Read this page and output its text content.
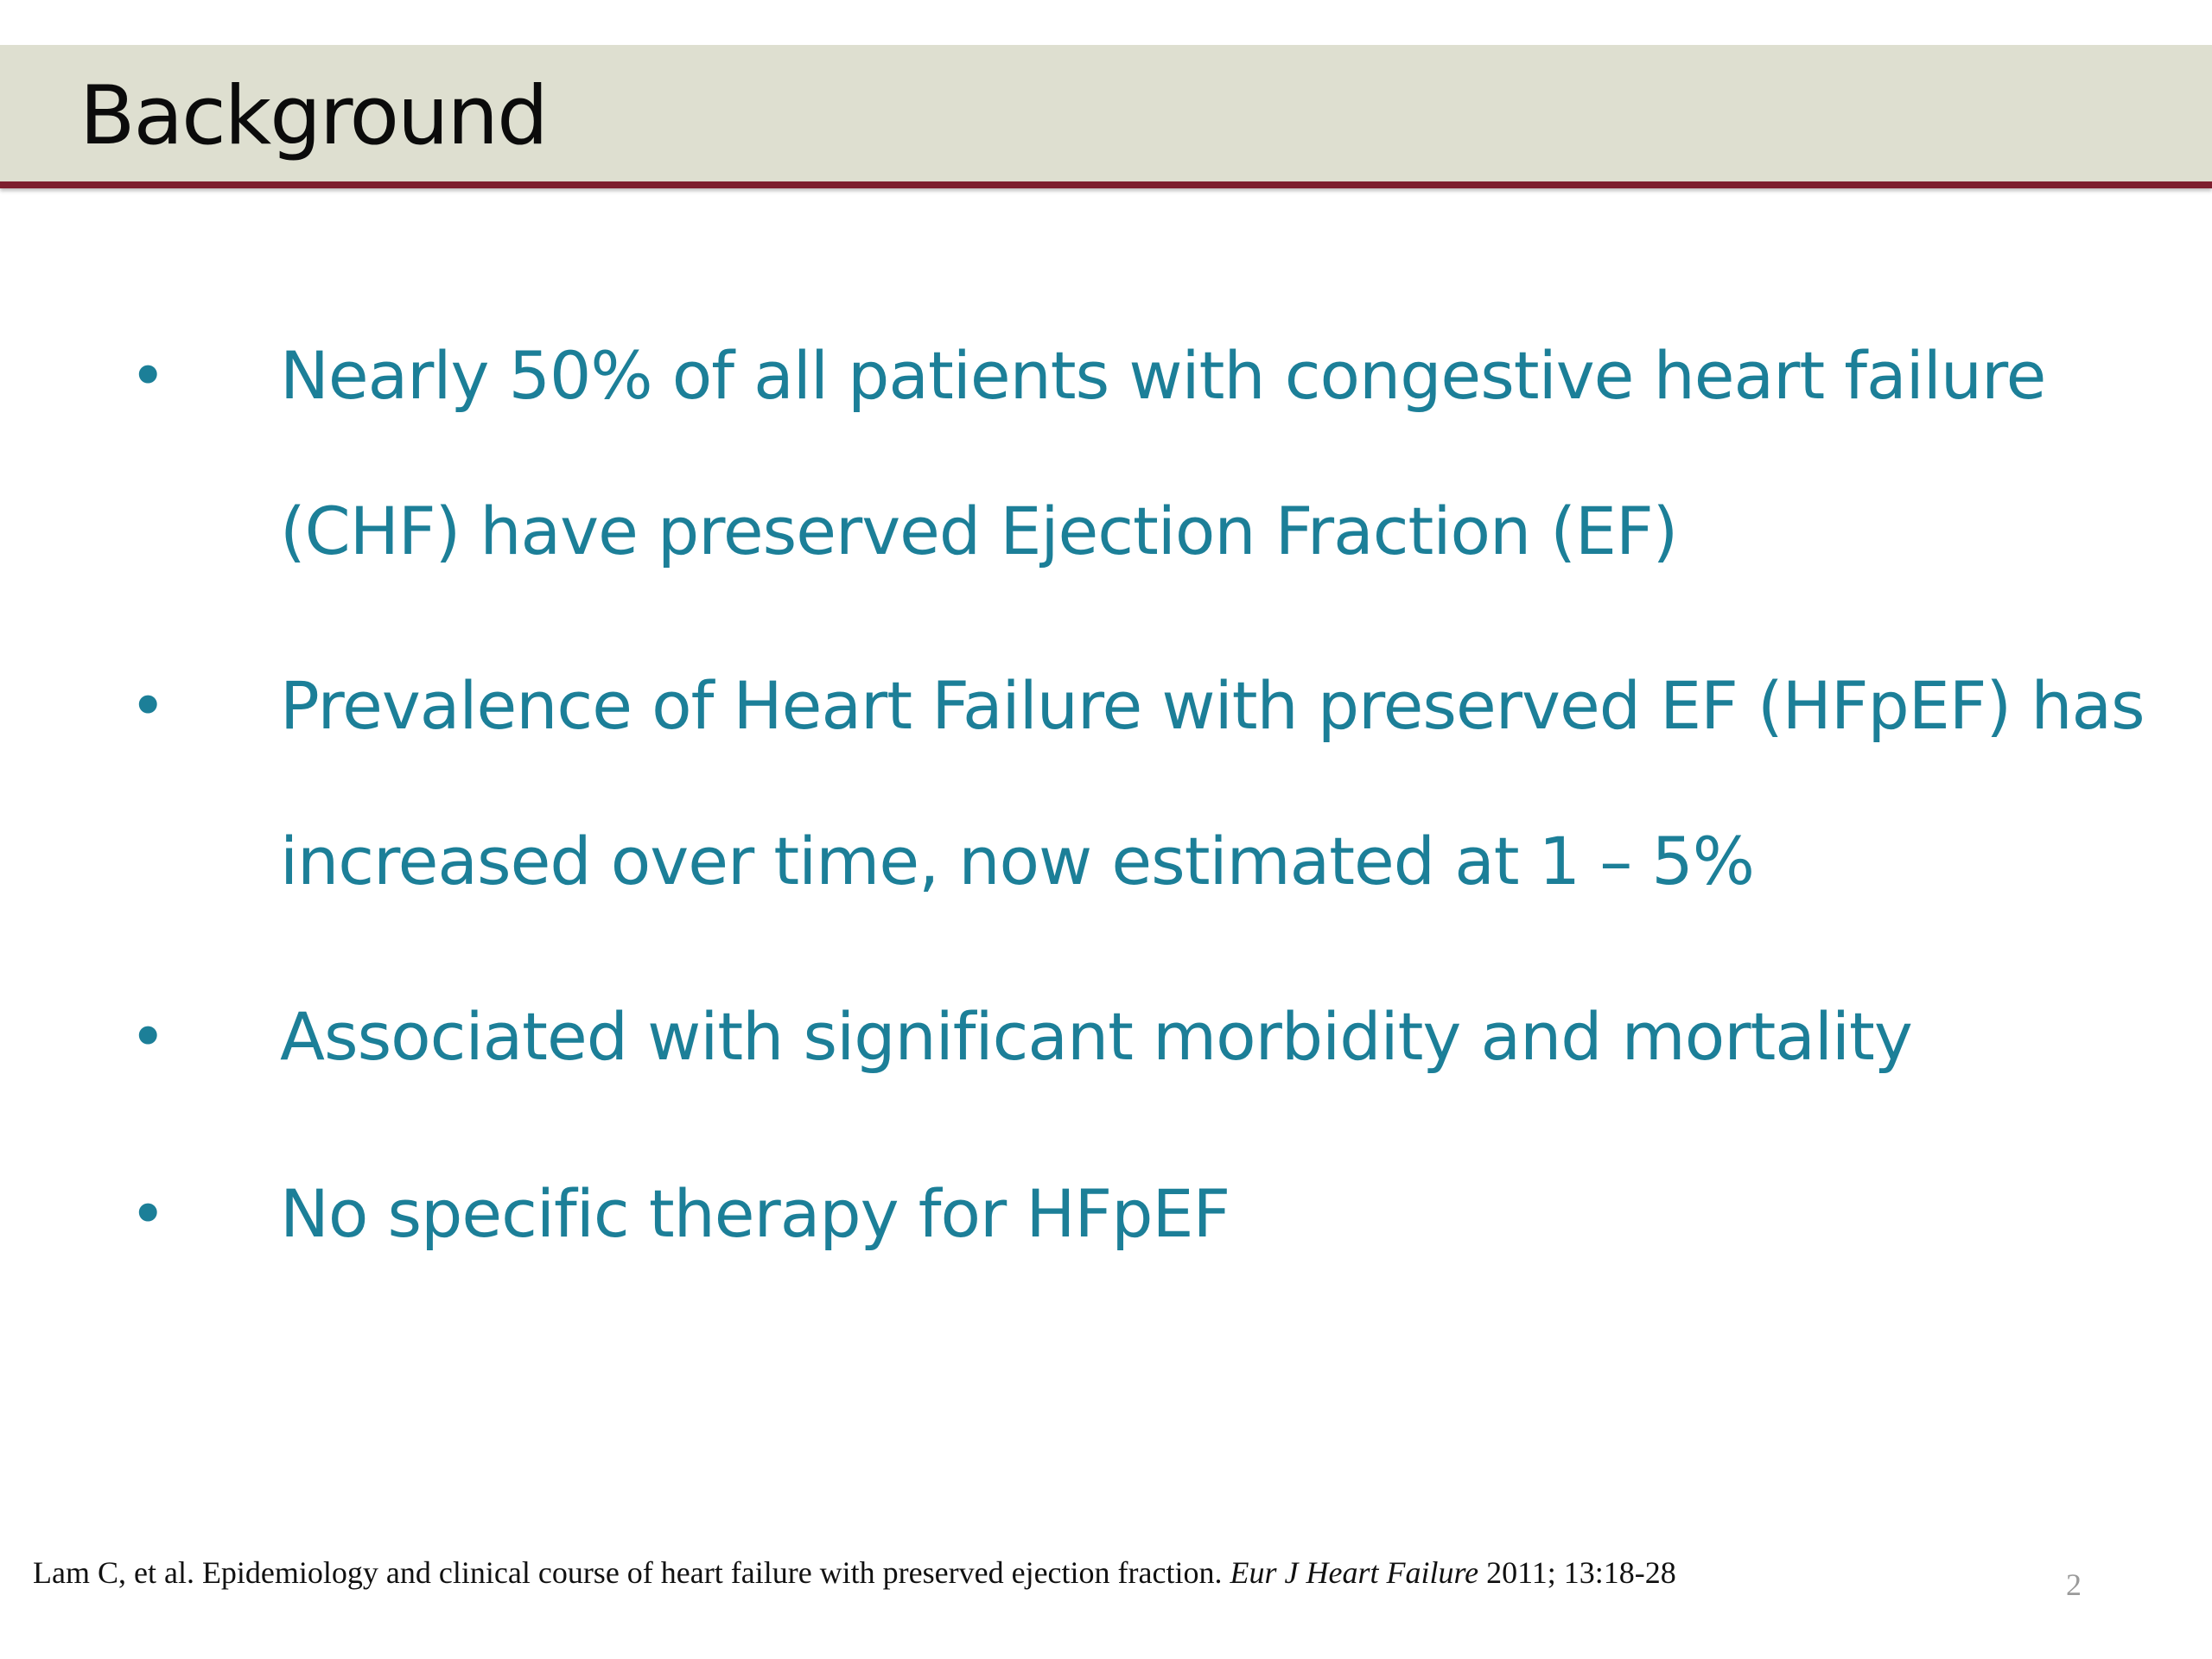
Background
• Nearly 50% of all patients with congestive heart failure (CHF) have preserved Ejection Fraction (EF)
• Prevalence of Heart Failure with preserved EF (HFpEF) has increased over time, now estimated at 1 – 5%
• Associated with significant morbidity and mortality
• No specific therapy for HFpEF
Lam C, et al. Epidemiology and clinical course of heart failure with preserved ejection fraction. Eur J Heart Failure 2011; 13:18-28	2
